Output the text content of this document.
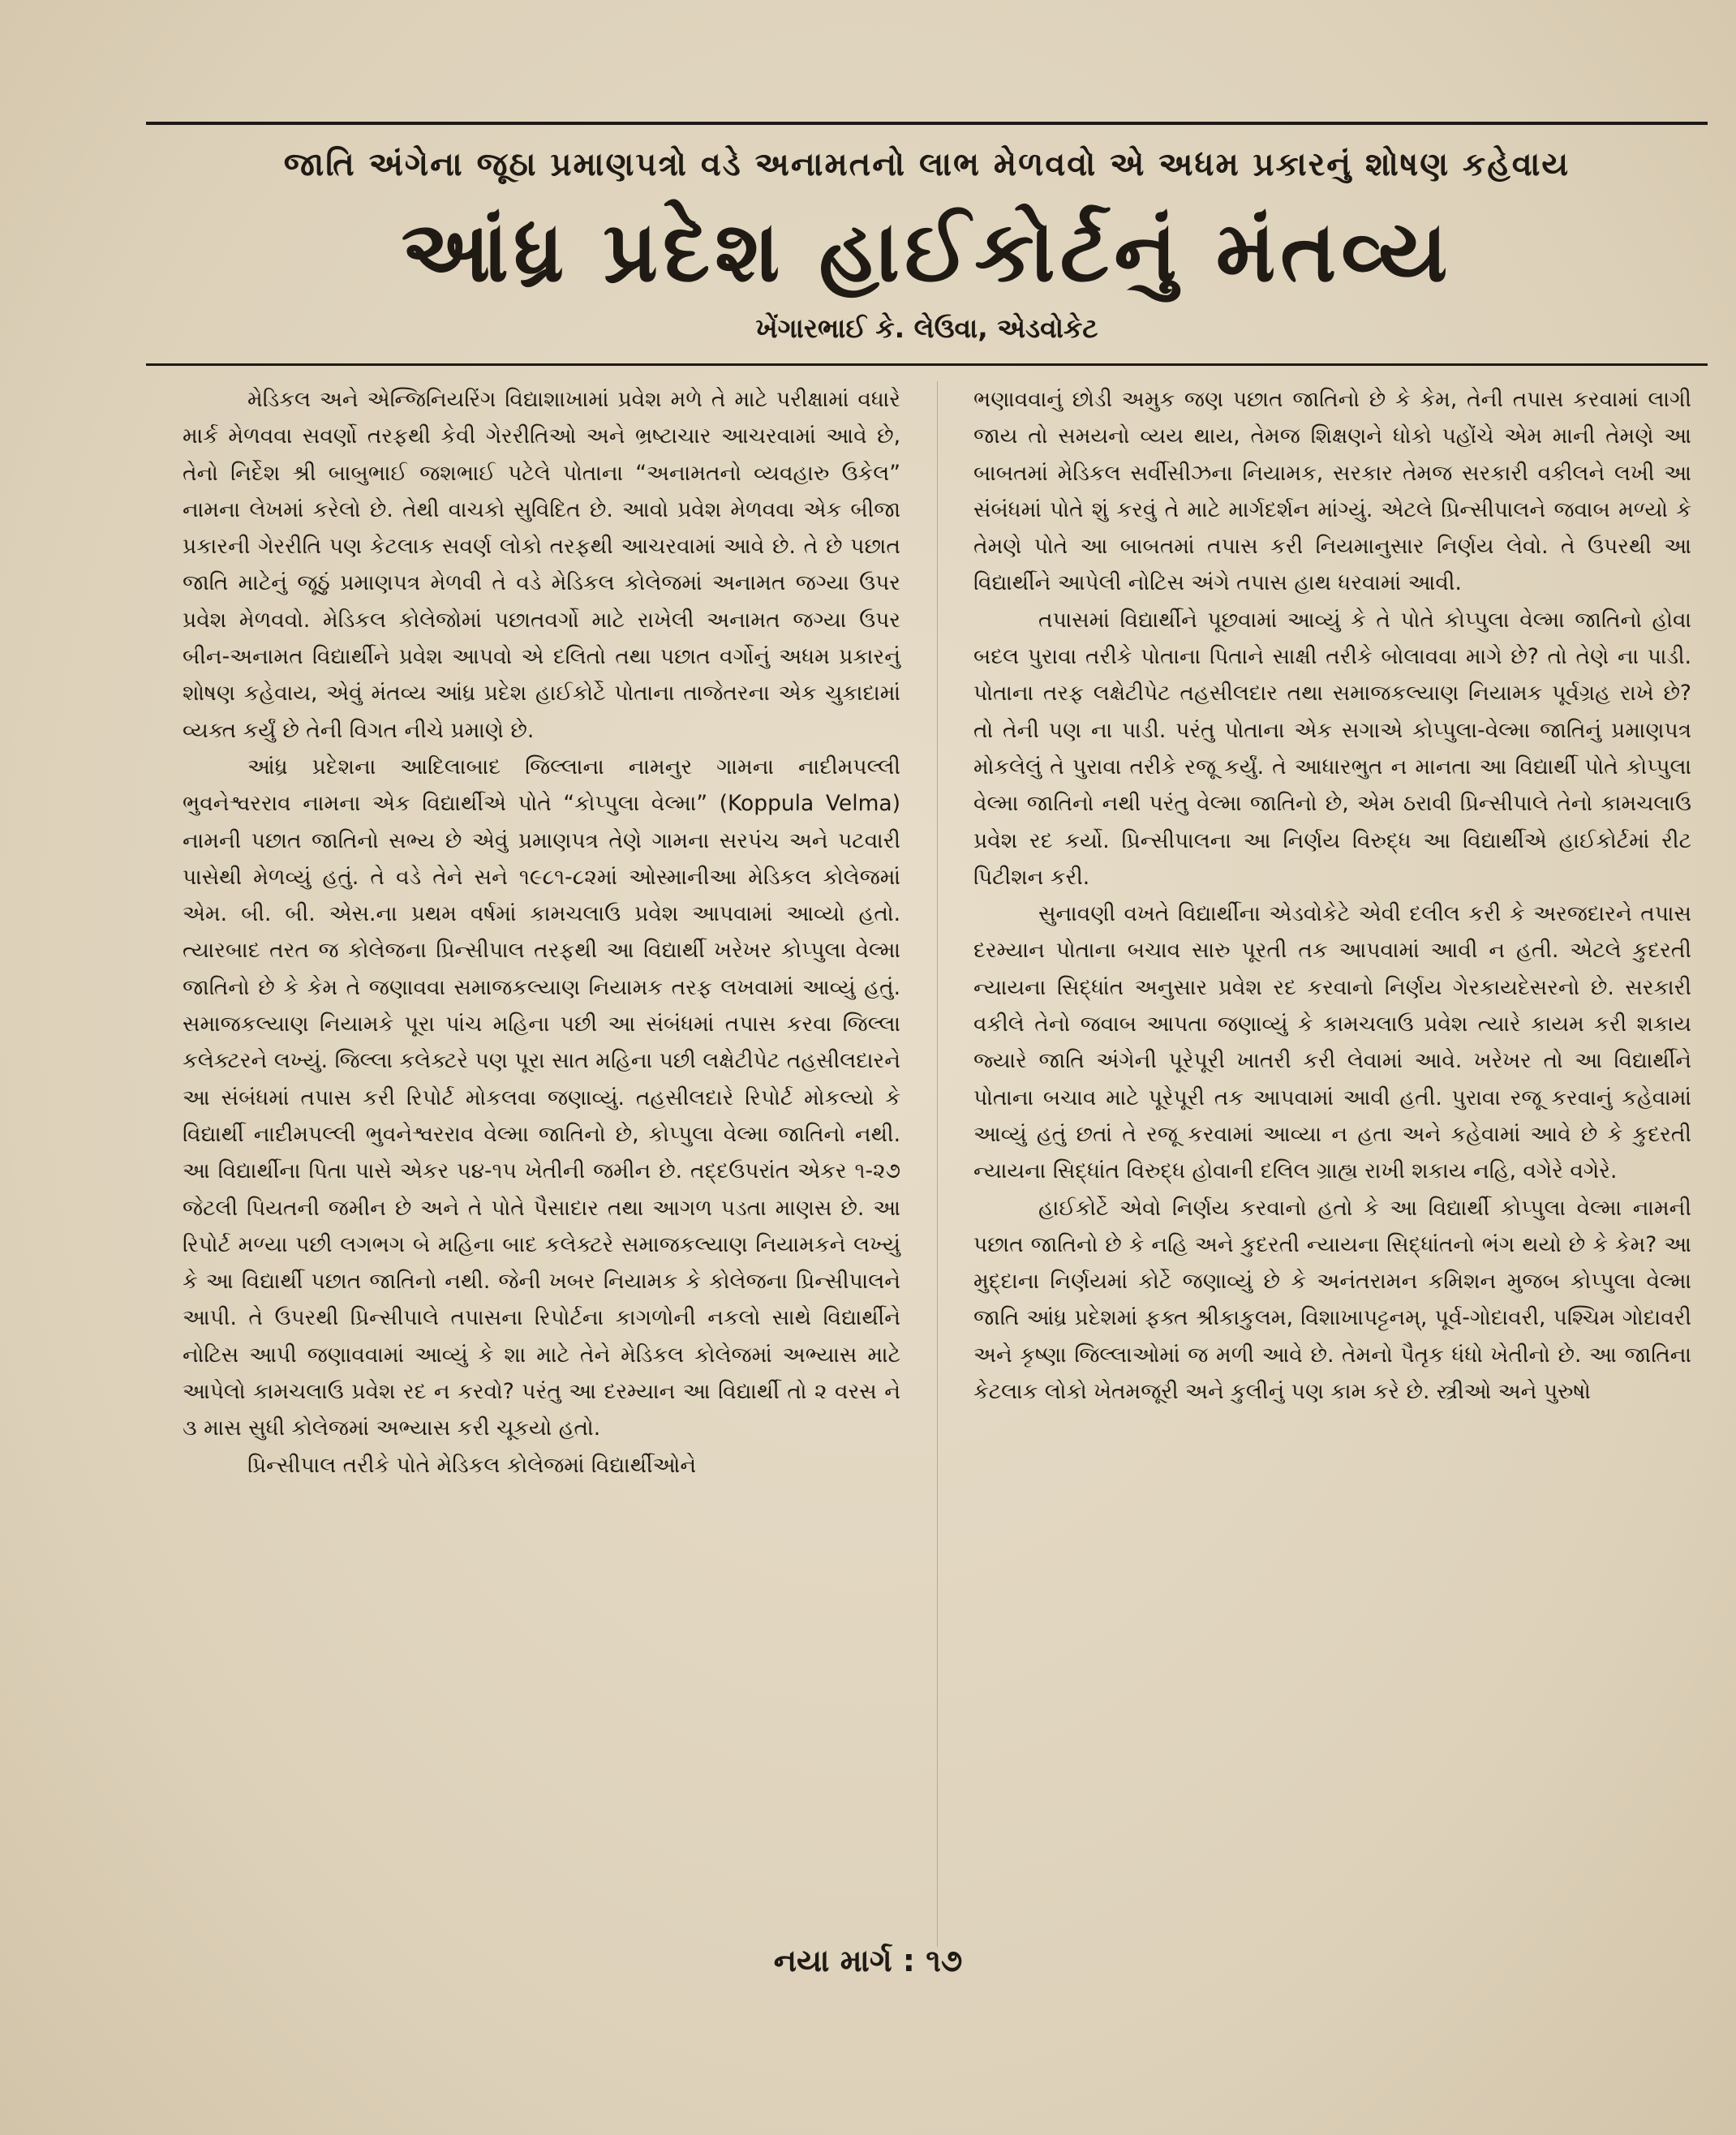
જાતિ અંગેના જૂઠા પ્રમાણપત્રો વડે અનામતનો લાભ મેળવવો એ અધમ પ્રકારનું શોષણ કહેવાય
આંધ્ર પ્રદેશ હાઈકોર્ટનું મંતવ્ય
ખેંગારભાઈ કે. લેઉવા, એડવોકેટ

મેડિકલ અને એન્જિનિયરિંગ વિદ્યાશાખામાં પ્રવેશ મળે તે માટે પરીક્ષામાં વધારે માર્ક મેળવવા સવર્ણો તરફથી કેવી ગેરરીતિઓ અને ભ્રષ્ટાચાર આચરવામાં આવે છે, તેનો નિર્દેશ શ્રી બાબુભાઈ જશભાઈ પટેલે પોતાના “અનામતનો વ્યવહારુ ઉકેલ” નામના લેખમાં કરેલો છે. તેથી વાચકો સુવિદિત છે. આવો પ્રવેશ મેળવવા એક બીજા પ્રકારની ગેરરીતિ પણ કેટલાક સવર્ણ લોકો તરફથી આચરવામાં આવે છે. તે છે પછાત જાતિ માટેનું જૂઠું પ્રમાણપત્ર મેળવી તે વડે મેડિકલ કોલેજમાં અનામત જગ્યા ઉપર પ્રવેશ મેળવવો. મેડિકલ કોલેજોમાં પછાતવર્ગો માટે રાખેલી અનામત જગ્યા ઉપર બીન-અનામત વિદ્યાર્થીને પ્રવેશ આપવો એ દલિતો તથા પછાત વર્ગોનું અધમ પ્રકારનું શોષણ કહેવાય, એવું મંતવ્ય આંધ્ર પ્રદેશ હાઈકોર્ટે પોતાના તાજેતરના એક ચુકાદામાં વ્યક્ત કર્યું છે તેની વિગત નીચે પ્રમાણે છે.

આંધ્ર પ્રદેશના આદિલાબાદ જિલ્લાના નામનુર ગામના નાદીમપલ્લી ભુવનેશ્વરરાવ નામના એક વિદ્યાર્થીએ પોતે “કોપ્પુલા વેલ્મા” (Koppula Velma) નામની પછાત જાતિનો સભ્ય છે એવું પ્રમાણપત્ર તેણે ગામના સરપંચ અને પટવારી પાસેથી મેળવ્યું હતું. તે વડે તેને સને ૧૯૮૧-૮૨માં ઓસ્માનીઆ મેડિકલ કોલેજમાં એમ. બી. બી. એસ.ના પ્રથમ વર્ષમાં કામચલાઉ પ્રવેશ આપવામાં આવ્યો હતો. ત્યારબાદ તરત જ કોલેજના પ્રિન્સીપાલ તરફથી આ વિદ્યાર્થી ખરેખર કોપ્પુલા વેલ્મા જાતિનો છે કે કેમ તે જણાવવા સમાજકલ્યાણ નિયામક તરફ લખવામાં આવ્યું હતું. સમાજકલ્યાણ નિયામકે પૂરા પાંચ મહિના પછી આ સંબંધમાં તપાસ કરવા જિલ્લા કલેક્ટરને લખ્યું. જિલ્લા કલેક્ટરે પણ પૂરા સાત મહિના પછી લક્ષેટીપેટ તહસીલદારને આ સંબંધમાં તપાસ કરી રિપોર્ટ મોકલવા જણાવ્યું. તહસીલદારે રિપોર્ટ મોકલ્યો કે વિદ્યાર્થી નાદીમપલ્લી ભુવનેશ્વરરાવ વેલ્મા જાતિનો છે, કોપ્પુલા વેલ્મા જાતિનો નથી. આ વિદ્યાર્થીના પિતા પાસે એકર ૫૪-૧૫ ખેતીની જમીન છે. તદ્દઉપરાંત એકર ૧-૨૭ જેટલી પિયતની જમીન છે અને તે પોતે પૈસાદાર તથા આગળ પડતા માણસ છે. આ રિપોર્ટ મળ્યા પછી લગભગ બે મહિના બાદ કલેક્ટરે સમાજકલ્યાણ નિયામકને લખ્યું કે આ વિદ્યાર્થી પછાત જાતિનો નથી. જેની ખબર નિયામક કે કોલેજના પ્રિન્સીપાલને આપી. તે ઉપરથી પ્રિન્સીપાલે તપાસના રિપોર્ટના કાગળોની નકલો સાથે વિદ્યાર્થીને નોટિસ આપી જણાવવામાં આવ્યું કે શા માટે તેને મેડિકલ કોલેજમાં અભ્યાસ માટે આપેલો કામચલાઉ પ્રવેશ રદ ન કરવો? પરંતુ આ દરમ્યાન આ વિદ્યાર્થી તો ૨ વરસ ને ૩ માસ સુધી કોલેજમાં અભ્યાસ કરી ચૂકયો હતો.

પ્રિન્સીપાલ તરીકે પોતે મેડિકલ કોલેજમાં વિદ્યાર્થીઓને

ભણાવવાનું છોડી અમુક જણ પછાત જાતિનો છે કે કેમ, તેની તપાસ કરવામાં લાગી જાય તો સમયનો વ્યય થાય, તેમજ શિક્ષણને ધોકો પહોંચે એમ માની તેમણે આ બાબતમાં મેડિકલ સર્વીસીઝના નિયામક, સરકાર તેમજ સરકારી વકીલને લખી આ સંબંધમાં પોતે શું કરવું તે માટે માર્ગદર્શન માંગ્યું. એટલે પ્રિન્સીપાલને જવાબ મળ્યો કે તેમણે પોતે આ બાબતમાં તપાસ કરી નિયમાનુસાર નિર્ણય લેવો. તે ઉપરથી આ વિદ્યાર્થીને આપેલી નોટિસ અંગે તપાસ હાથ ધરવામાં આવી.

તપાસમાં વિદ્યાર્થીને પૂછવામાં આવ્યું કે તે પોતે કોપ્પુલા વેલ્મા જાતિનો હોવા બદલ પુરાવા તરીકે પોતાના પિતાને સાક્ષી તરીકે બોલાવવા માગે છે? તો તેણે ના પાડી. પોતાના તરફ લક્ષેટીપેટ તહસીલદાર તથા સમાજકલ્યાણ નિયામક પૂર્વગ્રહ રાખે છે? તો તેની પણ ના પાડી. પરંતુ પોતાના એક સગાએ કોપ્પુલા-વેલ્મા જાતિનું પ્રમાણપત્ર મોકલેલું તે પુરાવા તરીકે રજૂ કર્યું. તે આધારભુત ન માનતા આ વિદ્યાર્થી પોતે કોપ્પુલા વેલ્મા જાતિનો નથી પરંતુ વેલ્મા જાતિનો છે, એમ ઠરાવી પ્રિન્સીપાલે તેનો કામચલાઉ પ્રવેશ રદ કર્યો. પ્રિન્સીપાલના આ નિર્ણય વિરુદ્ધ આ વિદ્યાર્થીએ હાઈકોર્ટમાં રીટ પિટીશન કરી.

સુનાવણી વખતે વિદ્યાર્થીના એડવોકેટે એવી દલીલ કરી કે અરજદારને તપાસ દરમ્યાન પોતાના બચાવ સારુ પૂરતી તક આપવામાં આવી ન હતી. એટલે કુદરતી ન્યાયના સિદ્ધાંત અનુસાર પ્રવેશ રદ કરવાનો નિર્ણય ગેરકાયદેસરનો છે. સરકારી વકીલે તેનો જવાબ આપતા જણાવ્યું કે કામચલાઉ પ્રવેશ ત્યારે કાયમ કરી શકાય જ્યારે જાતિ અંગેની પૂરેપૂરી ખાતરી કરી લેવામાં આવે. ખરેખર તો આ વિદ્યાર્થીને પોતાના બચાવ માટે પૂરેપૂરી તક આપવામાં આવી હતી. પુરાવા રજૂ કરવાનું કહેવામાં આવ્યું હતું છતાં તે રજૂ કરવામાં આવ્યા ન હતા અને કહેવામાં આવે છે કે કુદરતી ન્યાયના સિદ્ધાંત વિરુદ્ધ હોવાની દલિલ ગ્રાહ્ય રાખી શકાય નહિ, વગેરે વગેરે.

હાઈકોર્ટે એવો નિર્ણય કરવાનો હતો કે આ વિદ્યાર્થી કોપ્પુલા વેલ્મા નામની પછાત જાતિનો છે કે નહિ અને કુદરતી ન્યાયના સિદ્ધાંતનો ભંગ થયો છે કે કેમ? આ મુદ્દાના નિર્ણયમાં કોર્ટે જણાવ્યું છે કે અનંતરામન કમિશન મુજબ કોપ્પુલા વેલ્મા જાતિ આંધ્ર પ્રદેશમાં ફક્ત શ્રીકાકુલમ, વિશાખાપટ્ટનમ્, પૂર્વ-ગોદાવરી, પશ્ચિમ ગોદાવરી અને કૃષ્ણા જિલ્લાઓમાં જ મળી આવે છે. તેમનો પૈતૃક ધંધો ખેતીનો છે. આ જાતિના કેટલાક લોકો ખેતમજૂરી અને કુલીનું પણ કામ કરે છે. સ્ત્રીઓ અને પુરુષો

નયા માર્ગ : ૧૭
